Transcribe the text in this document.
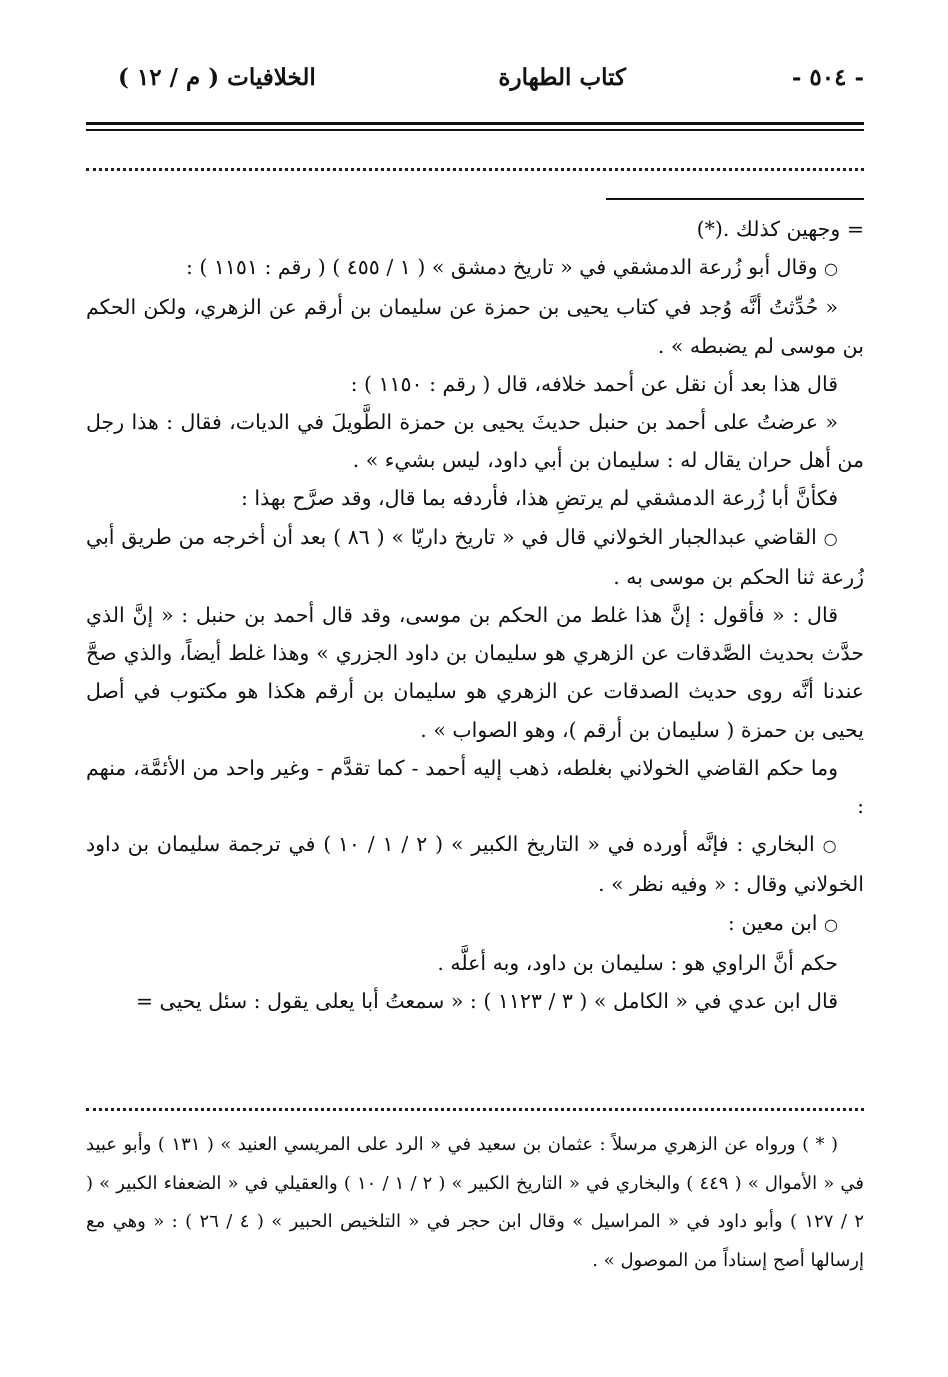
- ٥٠٤ -
كتاب الطهارة
الخلافيات ( م / ١٢ )

= وجهين كذلك .(*)

○ وقال أبو زُرعة الدمشقي في « تاريخ دمشق » ( ١ / ٤٥٥ ) ( رقم : ١١٥١ ) :

« حُدِّثتُ أنَّه وُجد في كتاب يحيى بن حمزة عن سليمان بن أرقم عن الزهري، ولكن الحكم بن موسى لم يضبطه » .

قال هذا بعد أن نقل عن أحمد خلافه، قال ( رقم : ١١٥٠ ) :

« عرضتُ على أحمد بن حنبل حديثَ يحيى بن حمزة الطَّويلَ في الديات، فقال : هذا رجل من أهل حران يقال له : سليمان بن أبي داود، ليس بشيء » .

فكأنَّ أبا زُرعة الدمشقي لم يرتضِ هذا، فأردفه بما قال، وقد صرَّح بهذا :

○ القاضي عبدالجبار الخولاني قال في « تاريخ داريّا » ( ٨٦ ) بعد أن أخرجه من طريق أبي زُرعة ثنا الحكم بن موسى به .

قال : « فأقول : إنَّ هذا غلط من الحكم بن موسى، وقد قال أحمد بن حنبل : « إنَّ الذي حدَّث بحديث الصَّدقات عن الزهري هو سليمان بن داود الجزري » وهذا غلط أيضاً، والذي صحَّ عندنا أنَّه روى حديث الصدقات عن الزهري هو سليمان بن أرقم هكذا هو مكتوب في أصل يحيى بن حمزة ( سليمان بن أرقم )، وهو الصواب » .

وما حكم القاضي الخولاني بغلطه، ذهب إليه أحمد - كما تقدَّم - وغير واحد من الأئمَّة، منهم :

○ البخاري : فإنَّه أورده في « التاريخ الكبير » ( ٢ / ١ / ١٠ ) في ترجمة سليمان بن داود الخولاني وقال : « وفيه نظر » .

○ ابن معين :

حكم أنَّ الراوي هو : سليمان بن داود، وبه أعلَّه .

قال ابن عدي في « الكامل » ( ٣ / ١١٢٣ ) : « سمعتُ أبا يعلى يقول : سئل يحيى =

( * ) ورواه عن الزهري مرسلاً : عثمان بن سعيد في « الرد على المريسي العنيد » ( ١٣١ ) وأبو عبيد في « الأموال » ( ٤٤٩ ) والبخاري في « التاريخ الكبير » ( ٢ / ١ / ١٠ ) والعقيلي في « الضعفاء الكبير » ( ٢ / ١٢٧ ) وأبو داود في « المراسيل » وقال ابن حجر في « التلخيص الحبير » ( ٤ / ٢٦ ) : « وهي مع إرسالها أصح إسناداً من الموصول » .
